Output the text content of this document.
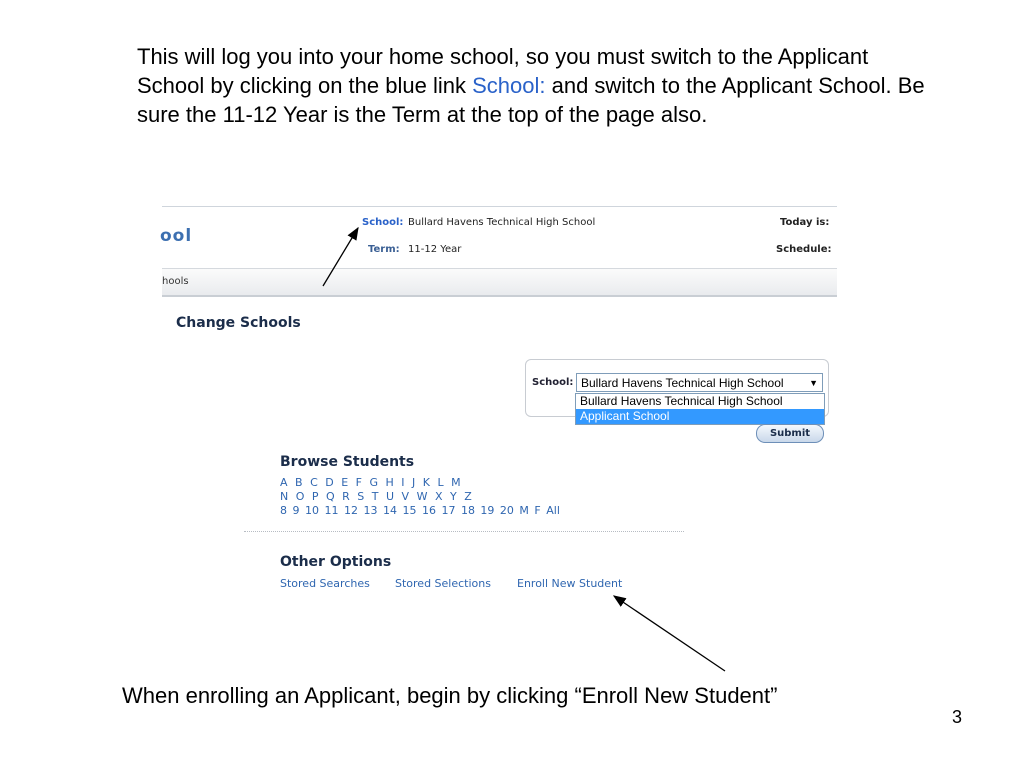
This will log you into your home school, so you must switch to the Applicant School by clicking on the blue link School: and switch to the Applicant School. Be sure the 11-12 Year is the Term at the top of the page also.

ool
School: Bullard Havens Technical High School
Term: 11-12 Year
Today is:
Schedule:
hools
Change Schools
School: Bullard Havens Technical High School	▼
Bullard Havens Technical High School
Applicant School
Submit
Browse Students
A B C D E F G H I J K L M
N O P Q R S T U V W X Y Z
8 9 10 11 12 13 14 15 16 17 18 19 20 M F All
Other Options
Stored Searches Stored Selections Enroll New Student

When enrolling an Applicant, begin by clicking “Enroll New Student”

3
